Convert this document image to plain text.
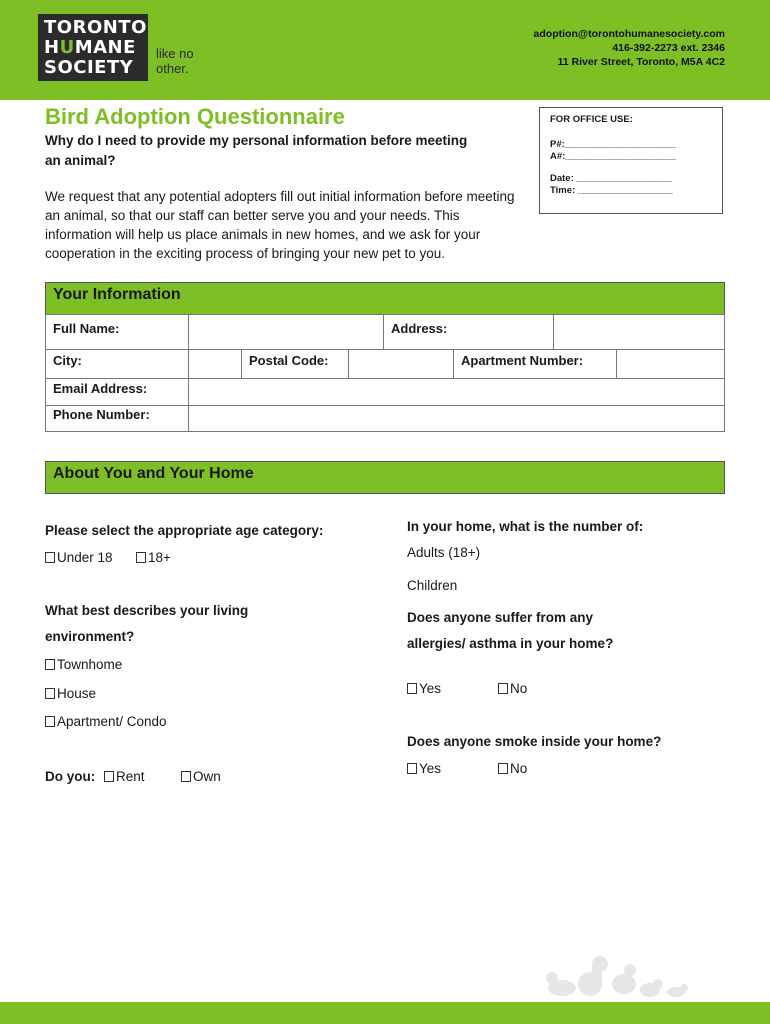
TORONTO
HUMANE
SOCIETY
like no
other.
adoption@torontohumanesociety.com
416-392-2273 ext. 2346
11 River Street, Toronto, M5A 4C2
FOR OFFICE USE:
P#:_____________________
A#:_____________________
Date: __________________
Time: __________________
Bird Adoption Questionnaire
Why do I need to provide my personal information before meeting an animal?
We request that any potential adopters fill out initial information before meeting an animal, so that our staff can better serve you and your needs. This information will help us place animals in new homes, and we ask for your cooperation in the exciting process of bringing your new pet to you.
Your Information
Full Name:	Address:
City:	Postal Code:	Apartment Number:
Email Address:
Phone Number:
About You and Your Home
Please select the appropriate age category:
Under 18	18+
What best describes your living
environment?
Townhome
House
Apartment/ Condo
Do you:	Rent	Own
In your home, what is the number of:
Adults (18+)
Children
Does anyone suffer from any
allergies/ asthma in your home?
Yes	No
Does anyone smoke inside your home?
Yes	No
